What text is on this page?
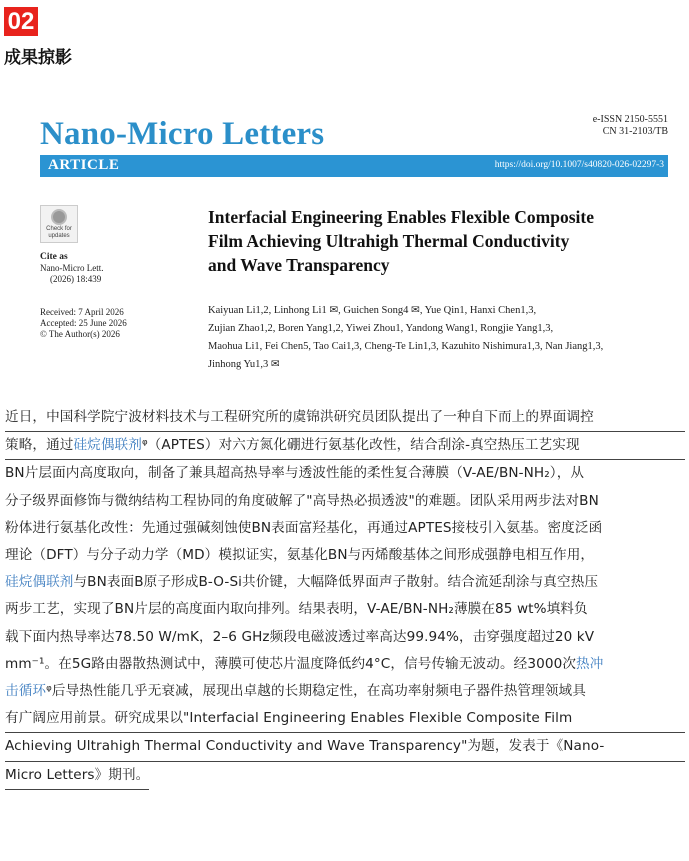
02
成果掠影
Nano-Micro Letters	e-ISSN 2150-5551
CN 31-2103/TB
ARTICLE	https://doi.org/10.1007/s40820-026-02297-3
Check for
updates
Cite as
Nano-Micro Lett.
(2026) 18:439
Received: 7 April 2026
Accepted: 25 June 2026
© The Author(s) 2026
Interfacial Engineering Enables Flexible Composite
Film Achieving Ultrahigh Thermal Conductivity
and Wave Transparency
Kaiyuan Li1,2, Linhong Li1 ✉, Guichen Song4 ✉, Yue Qin1, Hanxi Chen1,3,
Zujian Zhao1,2, Boren Yang1,2, Yiwei Zhou1, Yandong Wang1, Rongjie Yang1,3,
Maohua Li1, Fei Chen5, Tao Cai1,3, Cheng-Te Lin1,3, Kazuhito Nishimura1,3, Nan Jiang1,3,
Jinhong Yu1,3 ✉
近日，中国科学院宁波材料技术与工程研究所的虞锦洪研究员团队提出了一种自下而上的界面调控
策略，通过硅烷偶联剂ᵠ（APTES）对六方氮化硼进行氨基化改性，结合刮涂-真空热压工艺实现
BN片层面内高度取向，制备了兼具超高热导率与透波性能的柔性复合薄膜（V-AE/BN-NH₂），从
分子级界面修饰与微纳结构工程协同的角度破解了"高导热必损透波"的难题。团队采用两步法对BN
粉体进行氨基化改性：先通过强碱刻蚀使BN表面富羟基化，再通过APTES接枝引入氨基。密度泛函
理论（DFT）与分子动力学（MD）模拟证实，氨基化BN与丙烯酸基体之间形成强静电相互作用，
硅烷偶联剂与BN表面B原子形成B-O-Si共价键，大幅降低界面声子散射。结合流延刮涂与真空热压
两步工艺，实现了BN片层的高度面内取向排列。结果表明，V-AE/BN-NH₂薄膜在85 wt%填料负
载下面内热导率达78.50 W/mK，2–6 GHz频段电磁波透过率高达99.94%，击穿强度超过20 kV
mm⁻¹。在5G路由器散热测试中，薄膜可使芯片温度降低约4°C，信号传输无波动。经3000次热冲
击循环ᵠ后导热性能几乎无衰减，展现出卓越的长期稳定性，在高功率射频电子器件热管理领域具
有广阔应用前景。研究成果以"Interfacial Engineering Enables Flexible Composite Film
Achieving Ultrahigh Thermal Conductivity and Wave Transparency"为题，发表于《Nano-
Micro Letters》期刊。
